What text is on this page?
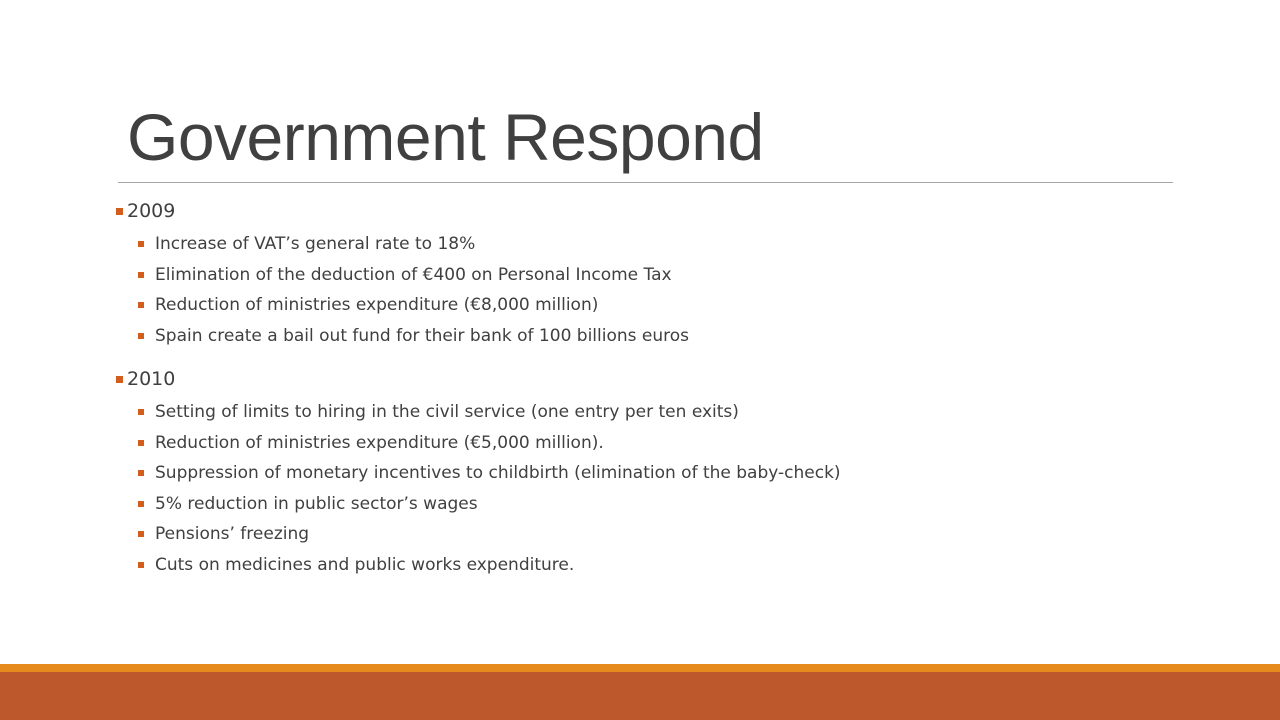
Government Respond
2009
Increase of VAT’s general rate to 18%
Elimination of the deduction of €400 on Personal Income Tax
Reduction of ministries expenditure (€8,000 million)
Spain create a bail out fund for their bank of 100 billions euros
2010
Setting of limits to hiring in the civil service (one entry per ten exits)
Reduction of ministries expenditure (€5,000 million).
Suppression of monetary incentives to childbirth (elimination of the baby-check)
5% reduction in public sector’s wages
Pensions’ freezing
Cuts on medicines and public works expenditure.
